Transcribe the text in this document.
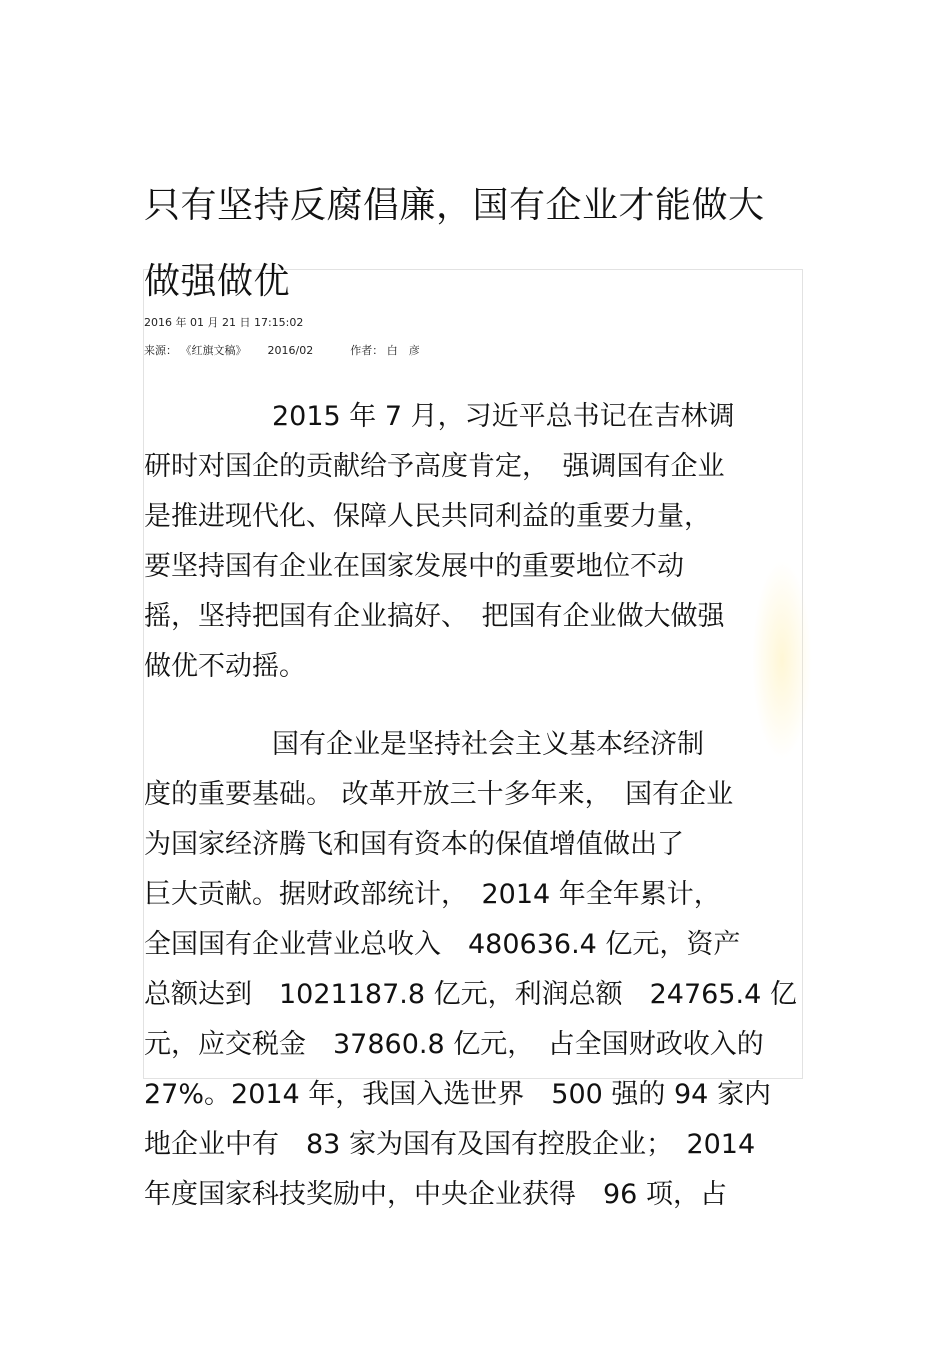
只有坚持反腐倡廉，国有企业才能做大
做强做优
2016 年 01 月 21 日 17:15:02
来源： 《红旗文稿》 2016/02	作者： 白　彦

2015 年 7 月，习近平总书记在吉林调
研时对国企的贡献给予高度肯定，　强调国有企业
是推进现代化、保障人民共同利益的重要力量，
要坚持国有企业在国家发展中的重要地位不动
摇，坚持把国有企业搞好、　把国有企业做大做强
做优不动摇。

国有企业是坚持社会主义基本经济制
度的重要基础。 改革开放三十多年来，　国有企业
为国家经济腾飞和国有资本的保值增值做出了
巨大贡献。据财政部统计，　2014 年全年累计，
全国国有企业营业总收入　480636.4 亿元，资产
总额达到　1021187.8 亿元，利润总额　24765.4 亿
元，应交税金　37860.8 亿元，　占全国财政收入的
27%。2014 年，我国入选世界　500 强的 94 家内
地企业中有　83 家为国有及国有控股企业；　2014
年度国家科技奖励中，中央企业获得　96 项，占
